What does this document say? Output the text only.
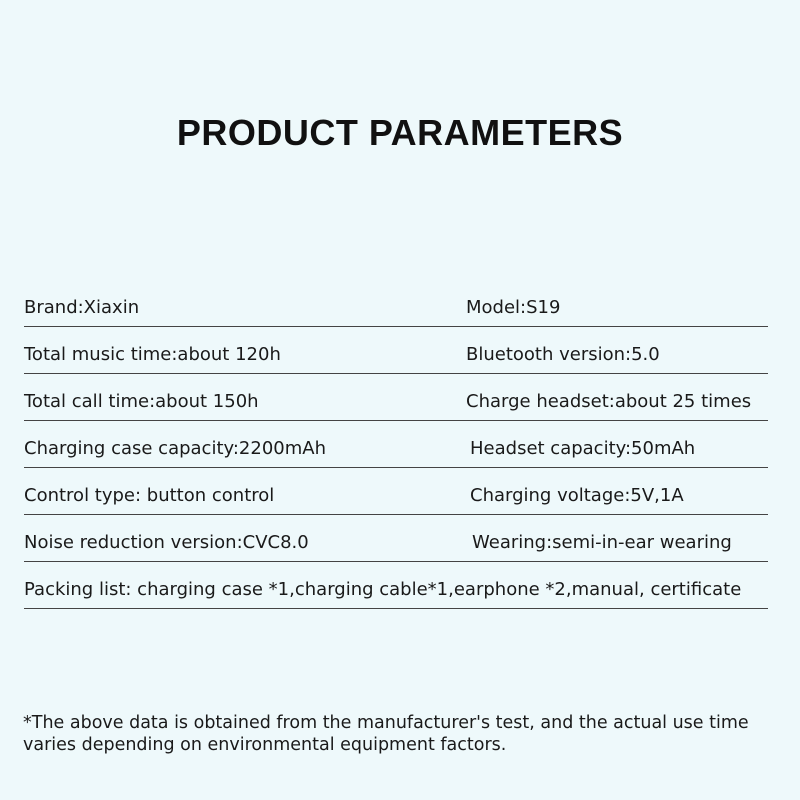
PRODUCT PARAMETERS
Brand:Xiaxin	Model:S19
Total music time:about 120h	Bluetooth version:5.0
Total call time:about 150h	Charge headset:about 25 times
Charging case capacity:2200mAh	Headset capacity:50mAh
Control type: button control	Charging voltage:5V,1A
Noise reduction version:CVC8.0	Wearing:semi-in-ear wearing
Packing list: charging case *1,charging cable*1,earphone *2,manual, certificate
*The above data is obtained from the manufacturer's test, and the actual use time varies depending on environmental equipment factors.
